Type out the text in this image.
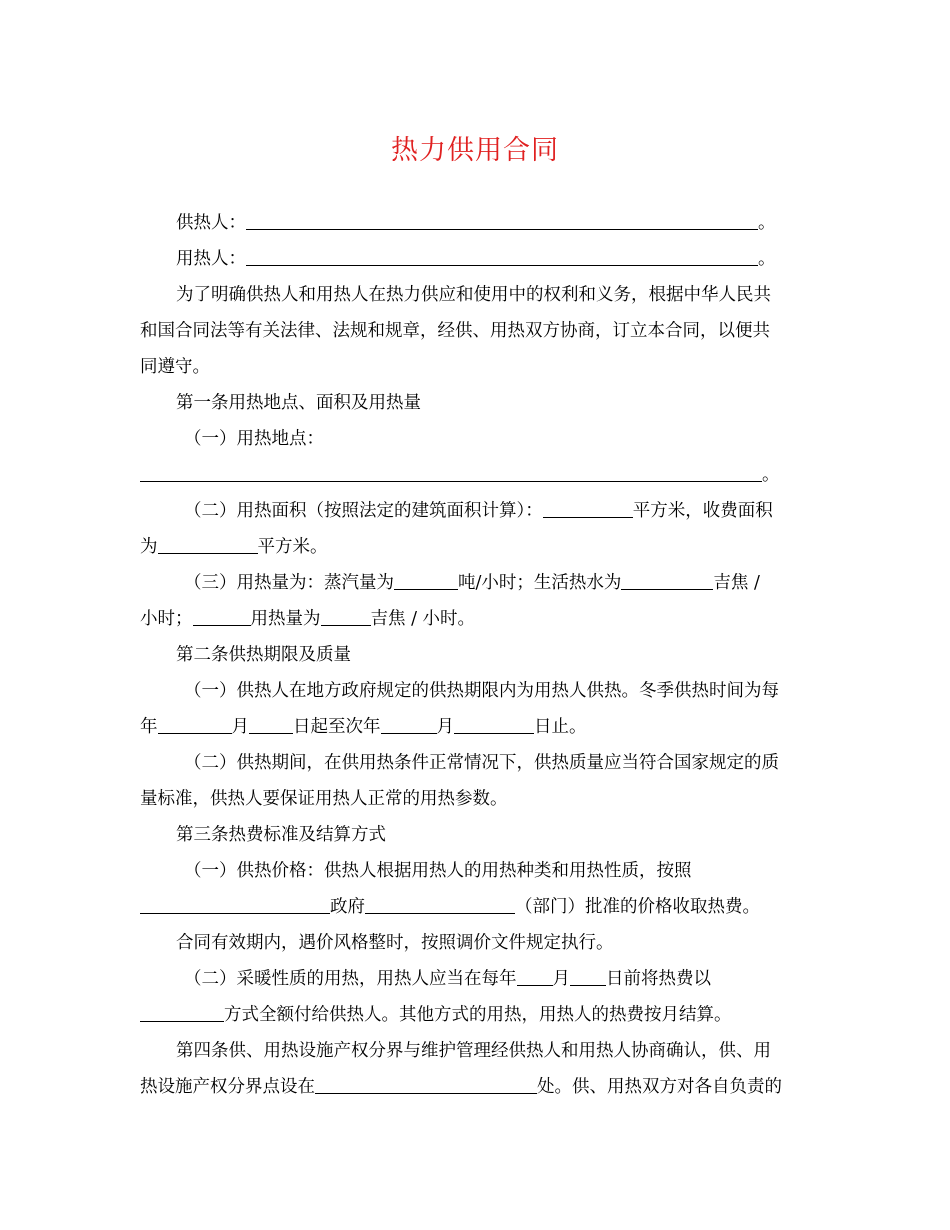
热力供用合同

供热人：	。

用热人：	。

为了明确供热人和用热人在热力供应和使用中的权利和义务，根据中华人民共

和国合同法等有关法律、法规和规章，经供、用热双方协商，订立本合同，以便共

同遵守。

第一条用热地点、面积及用热量

（一）用热地点：

。

（二）用热面积（按照法定的建筑面积计算）：	平方米，收费面积

为	平方米。

（三）用热量为：蒸汽量为	吨/小时；生活热水为	吉焦 /

小时；	用热量为	吉焦 / 小时。

第二条供热期限及质量

（一）供热人在地方政府规定的供热期限内为用热人供热。冬季供热时间为每

年	月	日起至次年	月	日止。

（二）供热期间，在供用热条件正常情况下，供热质量应当符合国家规定的质

量标准，供热人要保证用热人正常的用热参数。

第三条热费标准及结算方式

（一）供热价格：供热人根据用热人的用热种类和用热性质，按照

政府	（部门）批准的价格收取热费。

合同有效期内，遇价风格整时，按照调价文件规定执行。

（二）采暖性质的用热，用热人应当在每年 月 日前将热费以

方式全额付给供热人。其他方式的用热，用热人的热费按月结算。

第四条供、用热设施产权分界与维护管理经供热人和用热人协商确认，供、用

热设施产权分界点设在	处。供、用热双方对各自负责的
